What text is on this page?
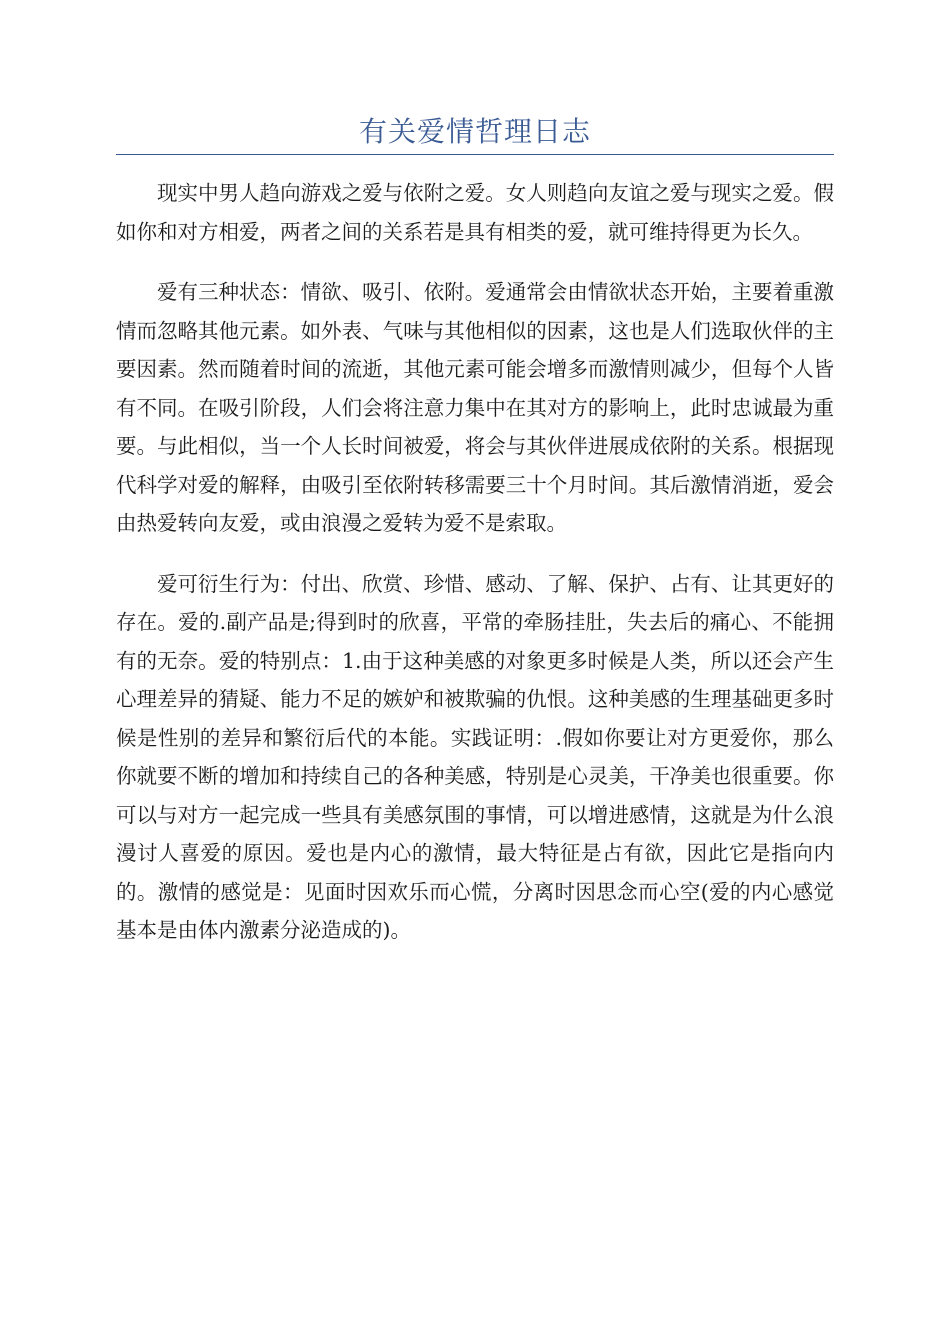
有关爱情哲理日志

现实中男人趋向游戏之爱与依附之爱。女人则趋向友谊之爱与现实之爱。假如你和对方相爱，两者之间的关系若是具有相类的爱，就可维持得更为长久。

爱有三种状态：情欲、吸引、依附。爱通常会由情欲状态开始，主要着重激情而忽略其他元素。如外表、气味与其他相似的因素，这也是人们选取伙伴的主要因素。然而随着时间的流逝，其他元素可能会增多而激情则减少，但每个人皆有不同。在吸引阶段，人们会将注意力集中在其对方的影响上，此时忠诚最为重要。与此相似，当一个人长时间被爱，将会与其伙伴进展成依附的关系。根据现代科学对爱的解释，由吸引至依附转移需要三十个月时间。其后激情消逝，爱会由热爱转向友爱，或由浪漫之爱转为爱不是索取。

爱可衍生行为：付出、欣赏、珍惜、感动、了解、保护、占有、让其更好的存在。爱的.副产品是;得到时的欣喜，平常的牵肠挂肚，失去后的痛心、不能拥有的无奈。爱的特别点：1.由于这种美感的对象更多时候是人类，所以还会产生心理差异的猜疑、能力不足的嫉妒和被欺骗的仇恨。这种美感的生理基础更多时候是性别的差异和繁衍后代的本能。实践证明：.假如你要让对方更爱你，那么你就要不断的增加和持续自己的各种美感，特别是心灵美，干净美也很重要。你可以与对方一起完成一些具有美感氛围的事情，可以增进感情，这就是为什么浪漫讨人喜爱的原因。爱也是内心的激情，最大特征是占有欲，因此它是指向内的。激情的感觉是：见面时因欢乐而心慌，分离时因思念而心空(爱的内心感觉基本是由体内激素分泌造成的)。
